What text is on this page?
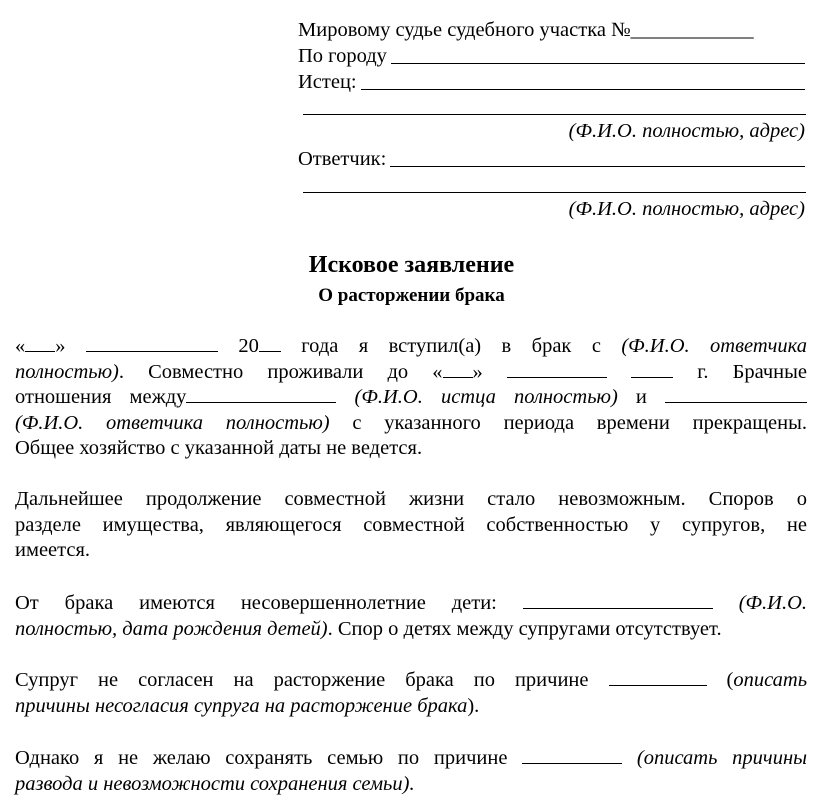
Мировому судье судебного участка № ____________
По городу
Истец:
(Ф.И.О. полностью, адрес)
Ответчик:
(Ф.И.О. полностью, адрес)
Исковое заявление
О расторжении брака
« »	20 года я вступил(а) в брак с (Ф.И.О. ответчика
полностью). Совместно проживали до « »	г. Брачные
отношения между	(Ф.И.О. истца полностью) и
(Ф.И.О. ответчика полностью) с указанного периода времени прекращены.
Общее хозяйство с указанной даты не ведется.
Дальнейшее продолжение совместной жизни стало невозможным. Споров о
разделе имущества, являющегося совместной собственностью у супругов, не
имеется.
От брака имеются несовершеннолетние дети:	(Ф.И.О.
полностью, дата рождения детей). Спор о детях между супругами отсутствует.
Супруг не согласен на расторжение брака по причине	(описать
причины несогласия супруга на расторжение брака).
Однако я не желаю сохранять семью по причине	(описать причины
развода и невозможности сохранения семьи).
